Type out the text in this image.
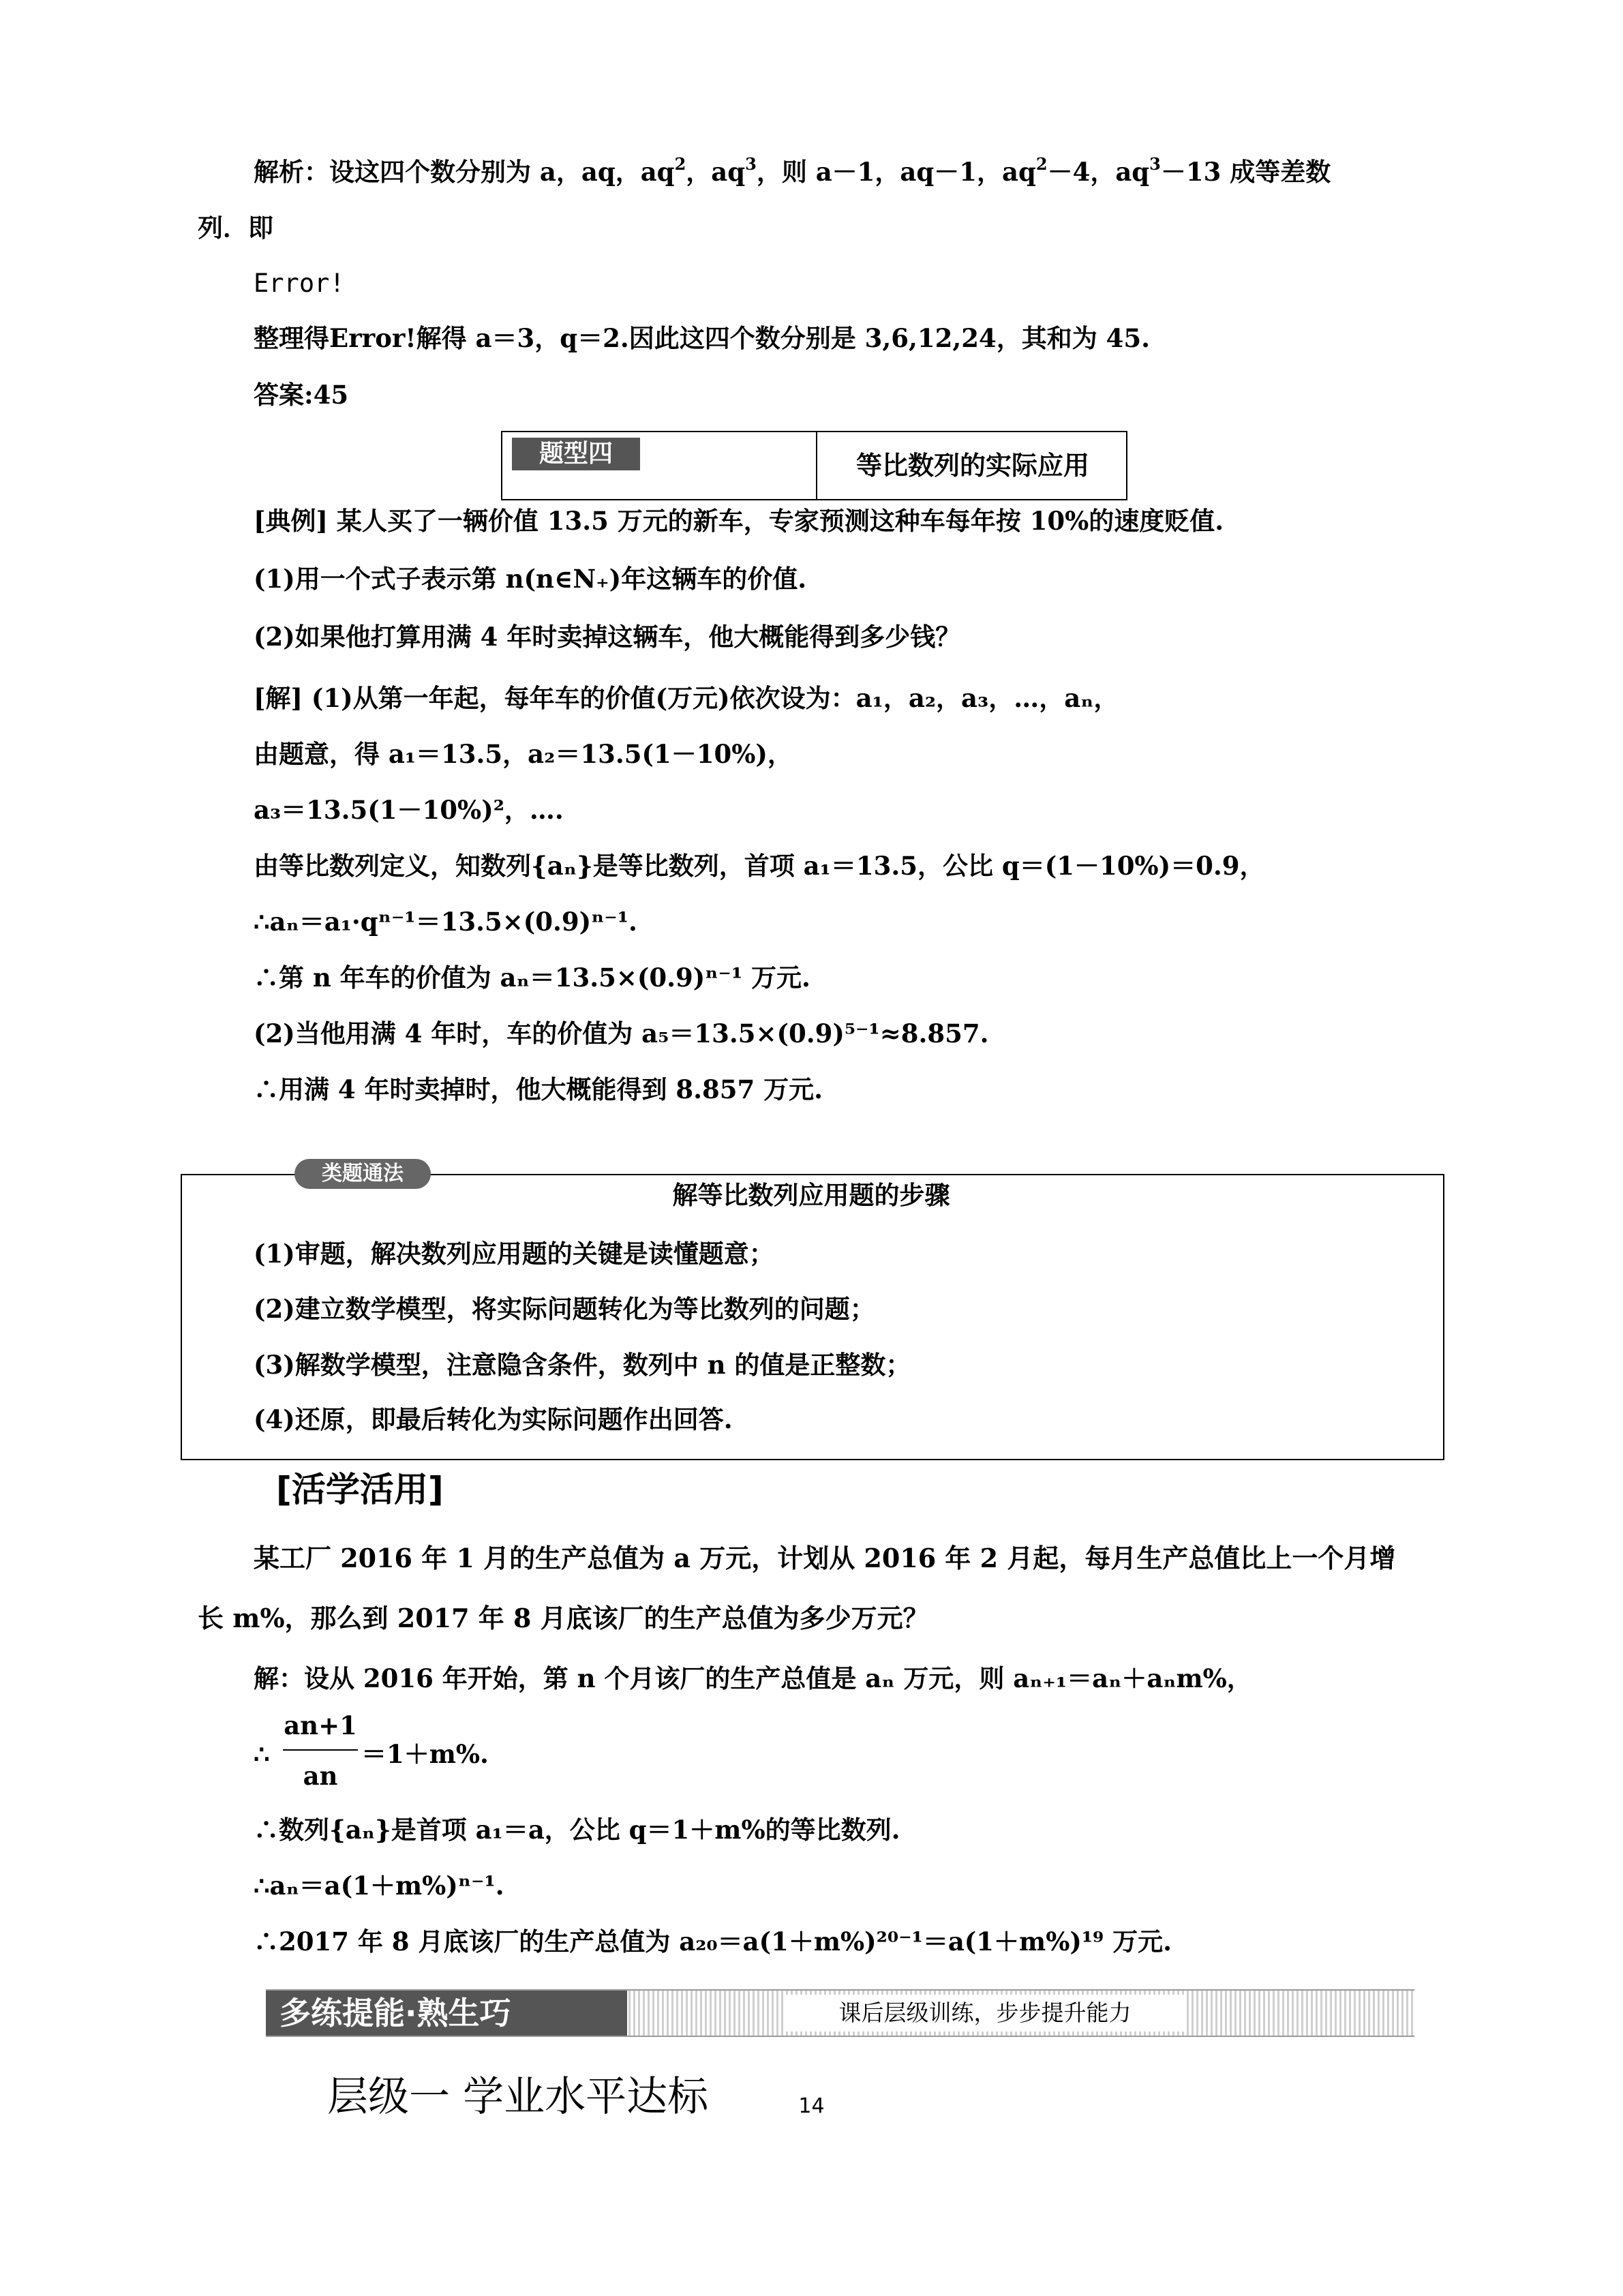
解析：设这四个数分别为 a，aq，$aq^2$，$aq^3$，则 a－1，aq－1，$aq^2-4$，$aq^3-13$ 成等差数
列．即
Error!
整理得Error!解得 a＝3，q＝2.因此这四个数分别是 3,6,12,24，其和为 45.
答案:45
题型四	等比数列的实际应用
[典例] 某人买了一辆价值 13.5 万元的新车，专家预测这种车每年按 10%的速度贬值.
(1)用一个式子表示第 n(n∈N₊)年这辆车的价值.
(2)如果他打算用满 4 年时卖掉这辆车，他大概能得到多少钱？
[解] (1)从第一年起，每年车的价值(万元)依次设为：a₁，a₂，a₃，…，aₙ，
由题意，得 a₁＝13.5，a₂＝13.5(1－10%)，
a₃＝13.5(1－10%)²，….
由等比数列定义，知数列{aₙ}是等比数列，首项 a₁＝13.5，公比 q＝(1－10%)＝0.9，
∴aₙ＝a₁·qⁿ⁻¹＝13.5×(0.9)ⁿ⁻¹.
∴第 n 年车的价值为 aₙ＝13.5×(0.9)ⁿ⁻¹ 万元.
(2)当他用满 4 年时，车的价值为 a₅＝13.5×(0.9)⁵⁻¹≈8.857.
∴用满 4 年时卖掉时，他大概能得到 8.857 万元.
类题通法
解等比数列应用题的步骤
(1)审题，解决数列应用题的关键是读懂题意；
(2)建立数学模型，将实际问题转化为等比数列的问题；
(3)解数学模型，注意隐含条件，数列中 n 的值是正整数；
(4)还原，即最后转化为实际问题作出回答.
[活学活用]
某工厂 2016 年 1 月的生产总值为 a 万元，计划从 2016 年 2 月起，每月生产总值比上一个月增
长 m%，那么到 2017 年 8 月底该厂的生产总值为多少万元？
解：设从 2016 年开始，第 n 个月该厂的生产总值是 aₙ 万元，则 aₙ₊₁＝aₙ＋aₙm%，
∴
an+1
an
＝1＋m%.
∴数列{aₙ}是首项 a₁＝a，公比 q＝1＋m%的等比数列.
∴aₙ＝a(1＋m%)ⁿ⁻¹.
∴2017 年 8 月底该厂的生产总值为 a₂₀＝a(1＋m%)²⁰⁻¹＝a(1＋m%)¹⁹ 万元.
多练提能·熟生巧	课后层级训练，步步提升能力
层级一 学业水平达标	14
